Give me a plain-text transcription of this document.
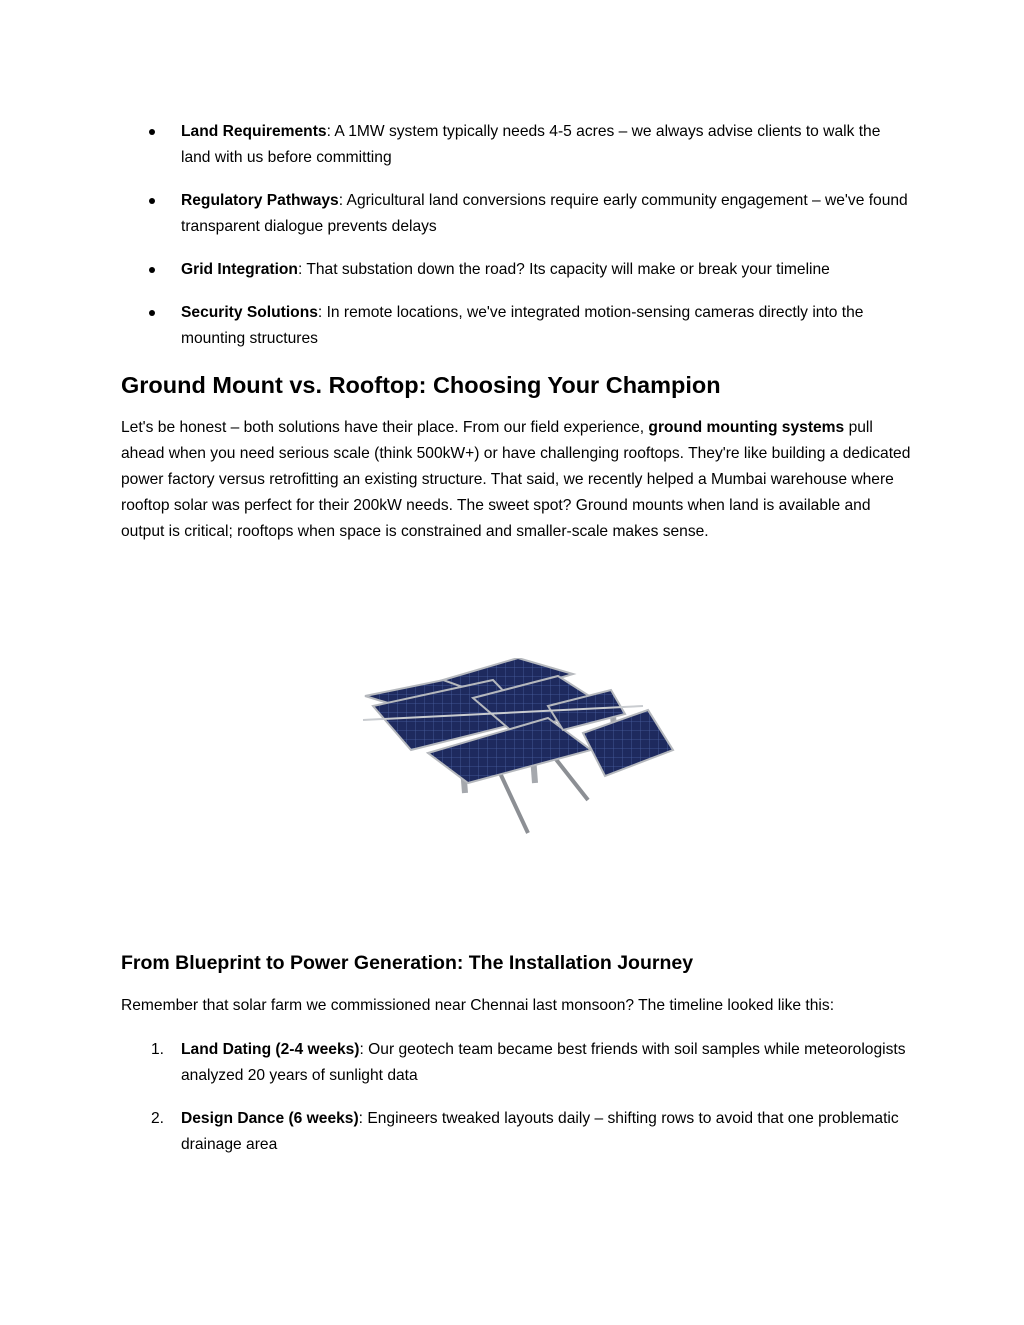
Land Requirements: A 1MW system typically needs 4-5 acres – we always advise clients to walk the land with us before committing
Regulatory Pathways: Agricultural land conversions require early community engagement – we've found transparent dialogue prevents delays
Grid Integration: That substation down the road? Its capacity will make or break your timeline
Security Solutions: In remote locations, we've integrated motion-sensing cameras directly into the mounting structures
Ground Mount vs. Rooftop: Choosing Your Champion

Let's be honest – both solutions have their place. From our field experience, ground mounting systems pull ahead when you need serious scale (think 500kW+) or have challenging rooftops. They're like building a dedicated power factory versus retrofitting an existing structure. That said, we recently helped a Mumbai warehouse where rooftop solar was perfect for their 200kW needs. The sweet spot? Ground mounts when land is available and output is critical; rooftops when space is constrained and smaller-scale makes sense.

From Blueprint to Power Generation: The Installation Journey

Remember that solar farm we commissioned near Chennai last monsoon? The timeline looked like this:

1. Land Dating (2-4 weeks): Our geotech team became best friends with soil samples while meteorologists analyzed 20 years of sunlight data
2. Design Dance (6 weeks): Engineers tweaked layouts daily – shifting rows to avoid that one problematic drainage area
